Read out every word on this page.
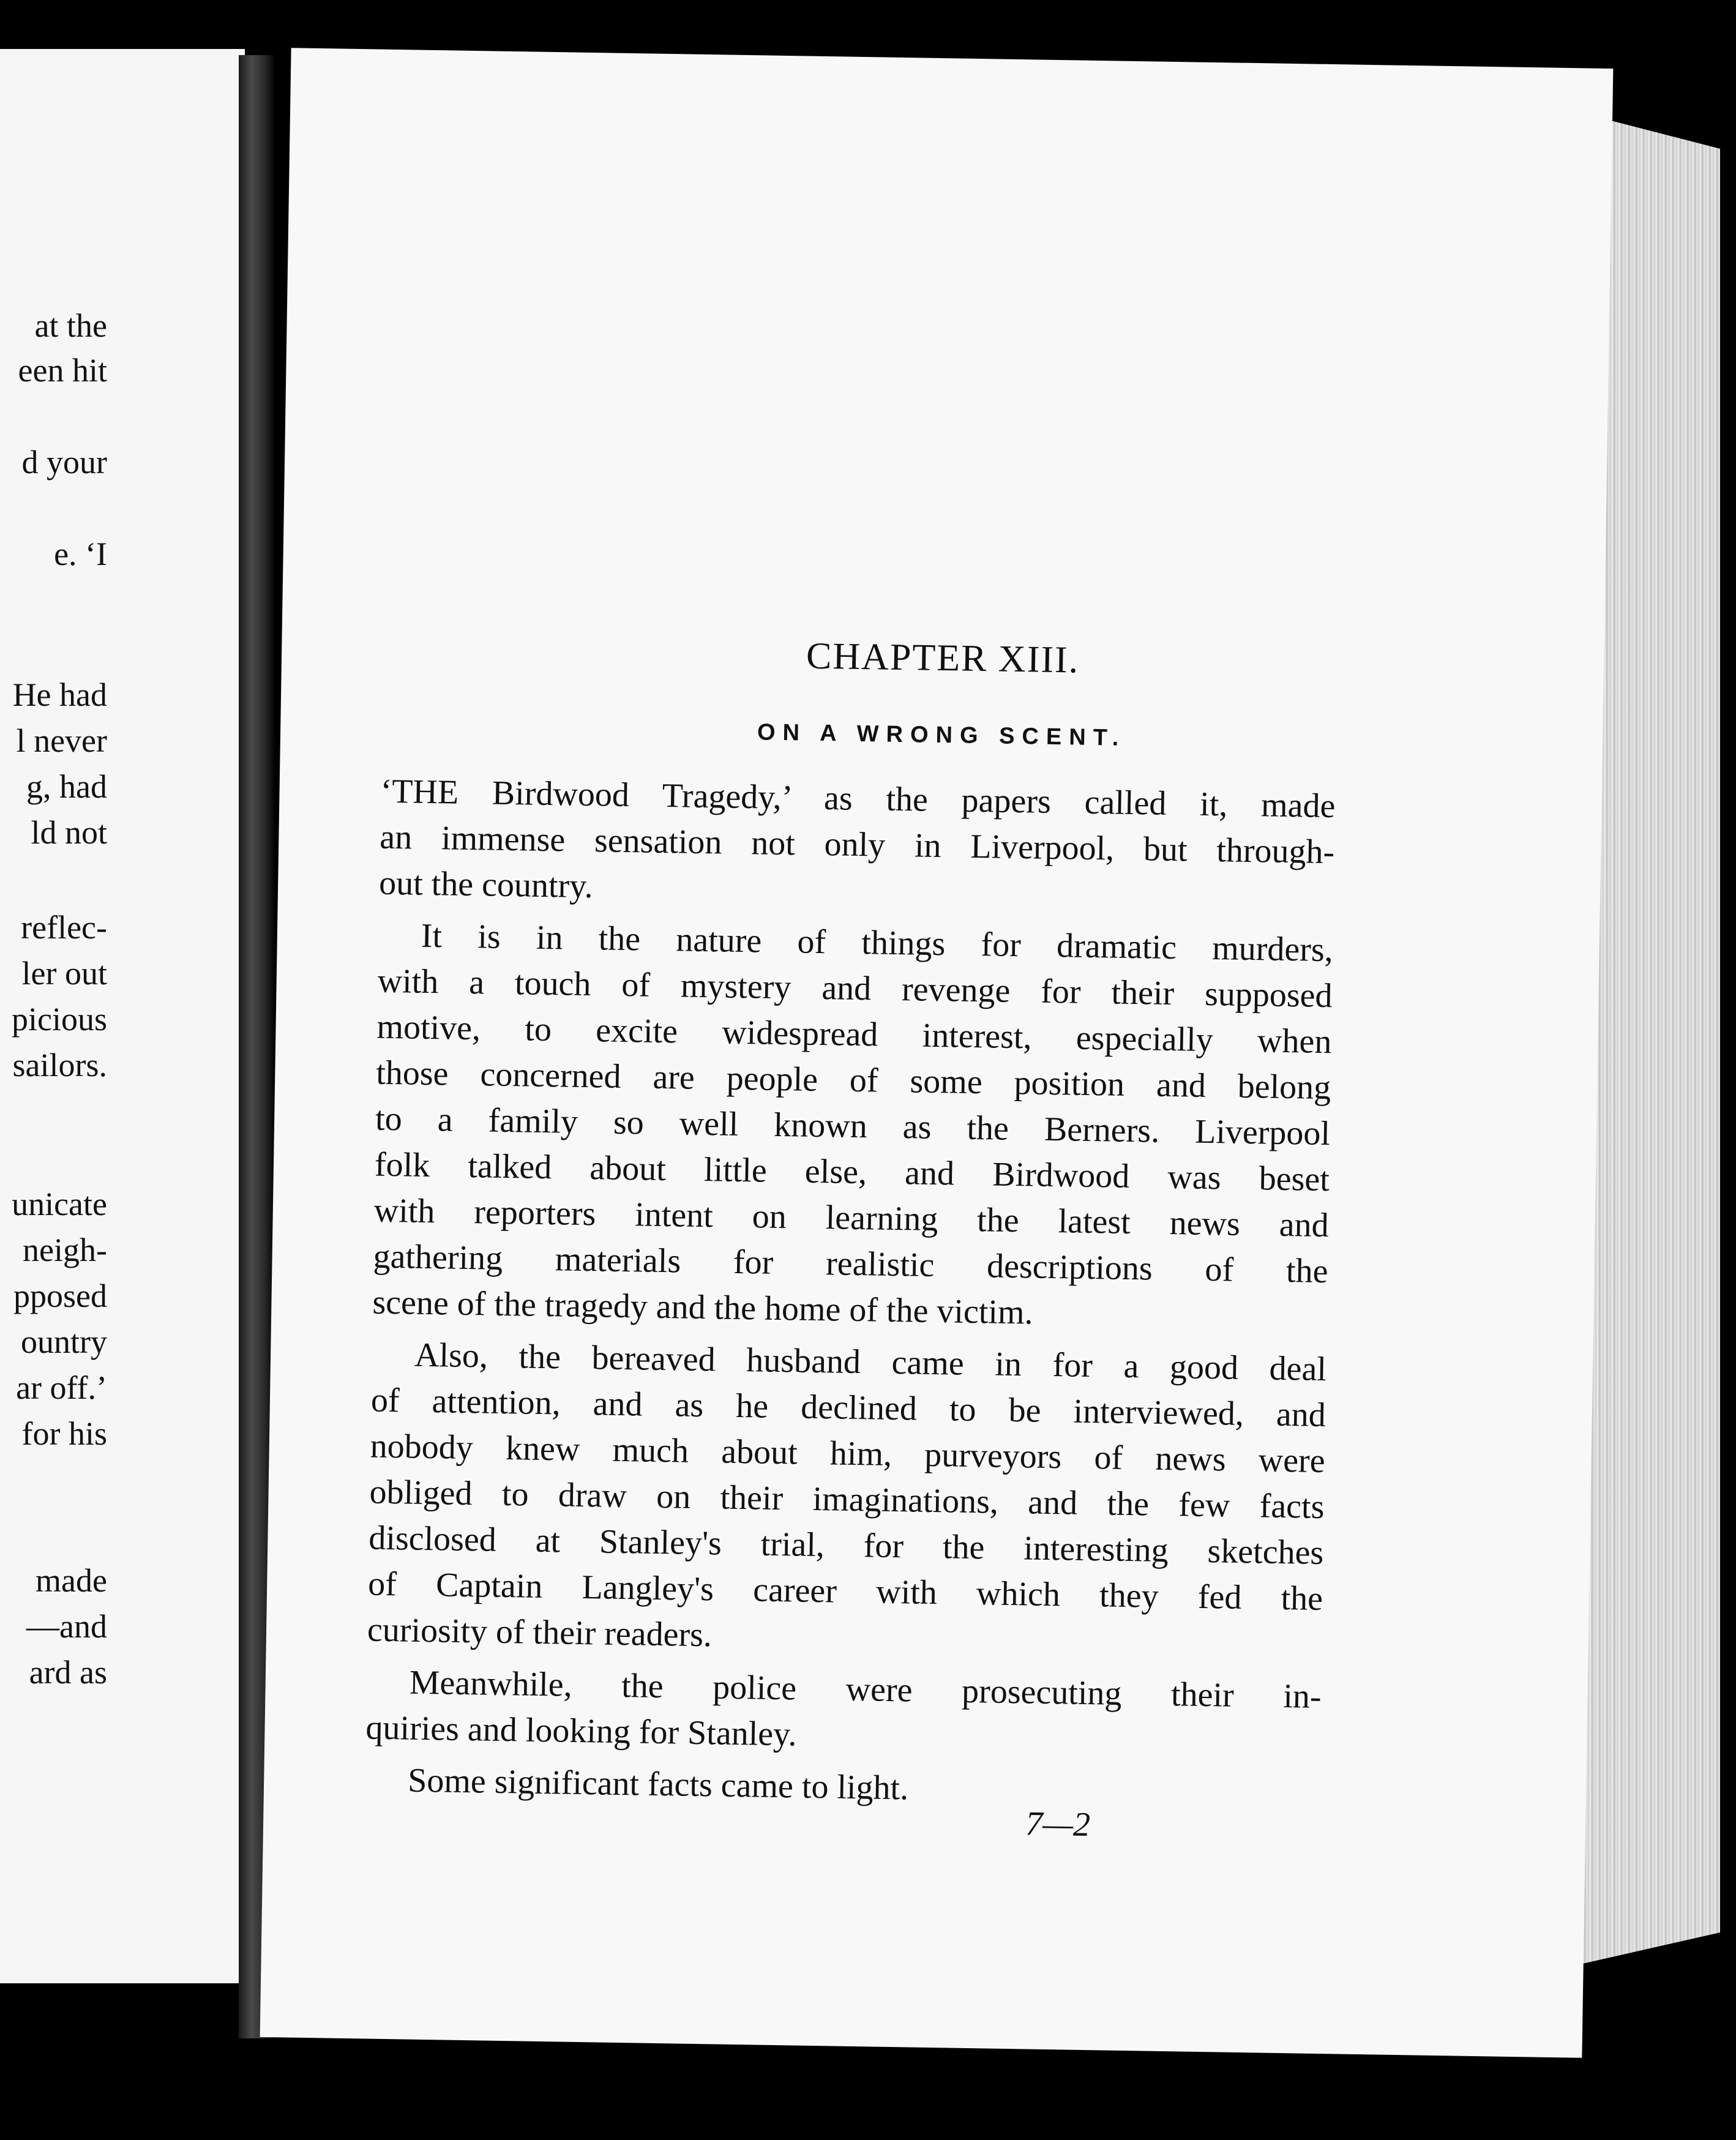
at the
een hit
d your
e. ‘I
He had
l never
g, had
ld not
reflec-
ler out
picious
sailors.
unicate
neigh-
pposed
ountry
ar off.’
for his
made
—and
ard as
CHAPTER XIII.
ON A WRONG SCENT.
‘THE Birdwood Tragedy,’ as the papers called it, made
an immense sensation not only in Liverpool, but through-
out the country.
It is in the nature of things for dramatic murders,
with a touch of mystery and revenge for their supposed
motive, to excite widespread interest, especially when
those concerned are people of some position and belong
to a family so well known as the Berners. Liverpool
folk talked about little else, and Birdwood was beset
with reporters intent on learning the latest news and
gathering materials for realistic descriptions of the
scene of the tragedy and the home of the victim.
Also, the bereaved husband came in for a good deal
of attention, and as he declined to be interviewed, and
nobody knew much about him, purveyors of news were
obliged to draw on their imaginations, and the few facts
disclosed at Stanley's trial, for the interesting sketches
of Captain Langley's career with which they fed the
curiosity of their readers.
Meanwhile, the police were prosecuting their in-
quiries and looking for Stanley.
Some significant facts came to light.
7—2
